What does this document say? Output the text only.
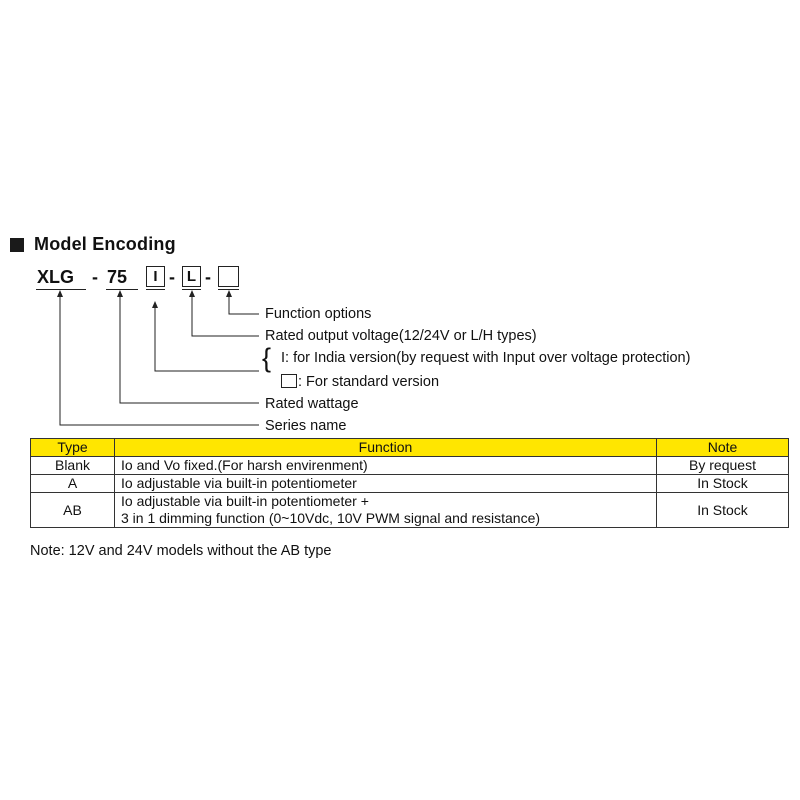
Model Encoding
XLG - 75	I - L -
Function options
Rated output voltage(12/24V or L/H types)
{ I: for India version(by request with Input over voltage protection)
: For standard version
Rated wattage
Series name
Type	Function	Note
Blank	Io and Vo fixed.(For harsh envirenment)	By request
A	Io adjustable via built-in potentiometer	In Stock
AB	Io adjustable via built-in potentiometer +
3 in 1 dimming function (0~10Vdc, 10V PWM signal and resistance)	In Stock
Note: 12V and 24V models without the AB type
